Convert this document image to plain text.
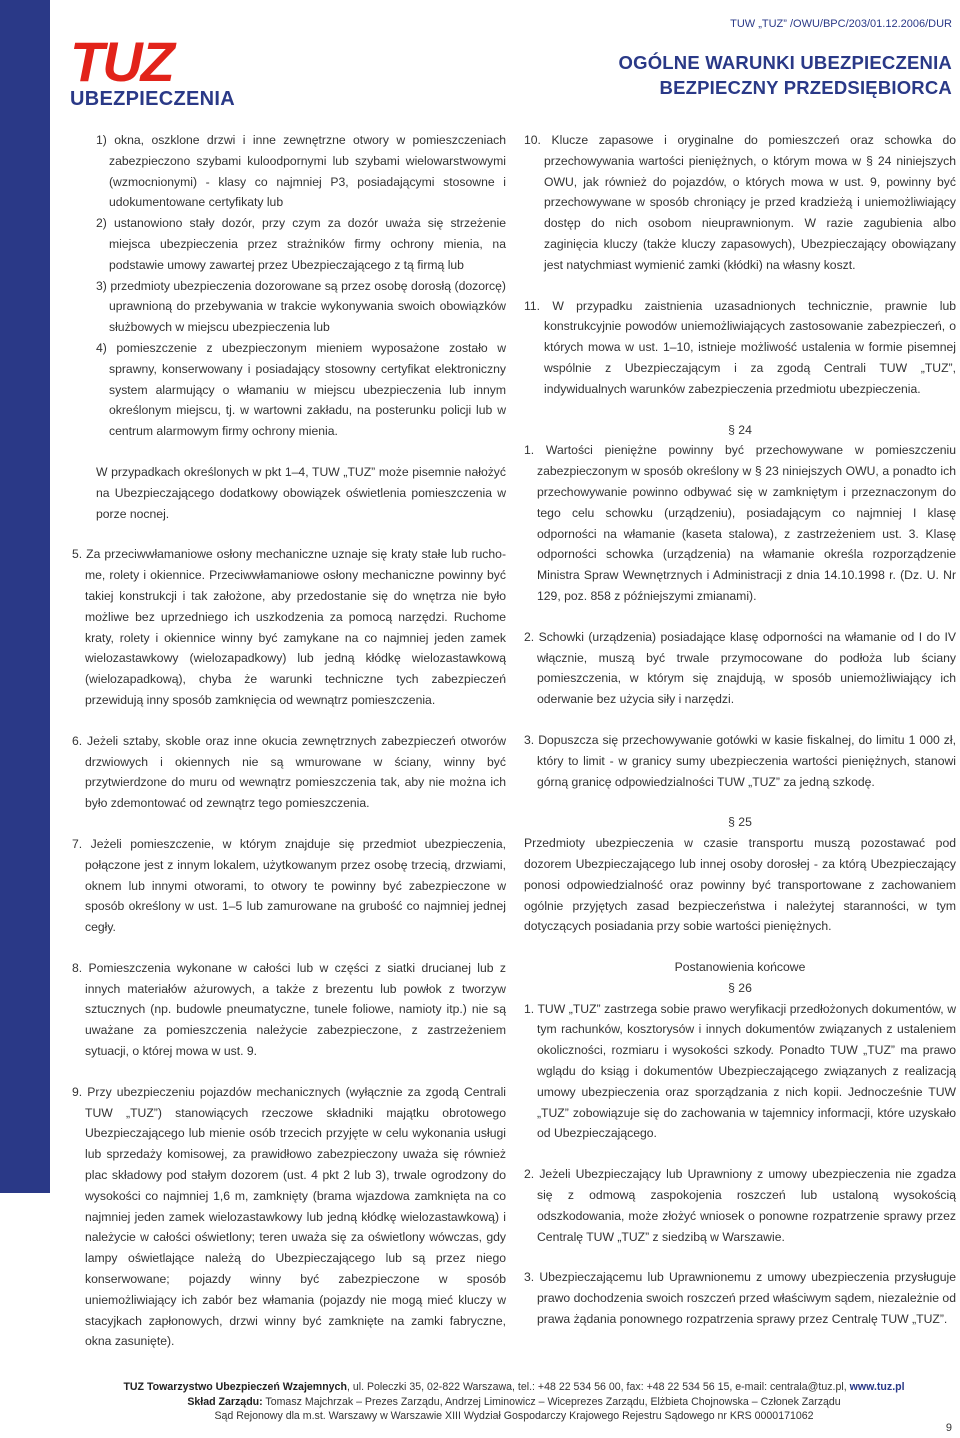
TUZ
UBEZPIECZENIA
TUW „TUZ” /OWU/BPC/203/01.12.2006/DUR
OGÓLNE WARUNKI UBEZPIECZENIA
BEZPIECZNY PRZEDSIĘBIORCA
1) okna, oszklone drzwi i inne zewnętrzne otwory w pomieszczeniach zabezpieczono szybami kuloodpornymi lub szybami wielowarstwowymi (wzmocnionymi) - klasy co najmniej P3, posiadającymi stosowne i udokumentowane certyfikaty lub
2) ustanowiono stały dozór, przy czym za dozór uważa się strzeżenie miejsca ubezpieczenia przez strażników firmy ochrony mienia, na podstawie umowy zawartej przez Ubezpieczającego z tą firmą lub
3) przedmioty ubezpieczenia dozorowane są przez osobę dorosłą (dozorcę) uprawnioną do przebywania w trakcie wykonywania swoich obowiązków służbowych w miejscu ubezpieczenia lub
4) pomieszczenie z ubezpieczonym mieniem wyposażone zostało w sprawny, konserwowany i posiadający stosowny certyfikat elektroniczny system alarmujący o włamaniu w miejscu ubezpieczenia lub innym określonym miejscu, tj. w wartowni zakładu, na posterunku policji lub w centrum alarmowym firmy ochrony mienia.
W przypadkach określonych w pkt 1–4, TUW „TUZ” może pisemnie nałożyć na Ubezpieczającego dodatkowy obowiązek oświetlenia pomieszczenia w porze nocnej.
5. Za przeciwwłamaniowe osłony mechaniczne uznaje się kraty stałe lub ruchome, rolety i okiennice. Przeciwwłamaniowe osłony mechaniczne powinny być takiej konstrukcji i tak założone, aby przedostanie się do wnętrza nie było możliwe bez uprzedniego ich uszkodzenia za pomocą narzędzi. Ruchome kraty, rolety i okiennice winny być zamykane na co najmniej jeden zamek wielozastawkowy (wielozapadkowy) lub jedną kłódkę wielozastawkową (wielozapadkową), chyba że warunki techniczne tych zabezpieczeń przewidują inny sposób zamknięcia od wewnątrz pomieszczenia.
6. Jeżeli sztaby, skoble oraz inne okucia zewnętrznych zabezpieczeń otworów drzwiowych i okiennych nie są wmurowane w ściany, winny być przytwierdzone do muru od wewnątrz pomieszczenia tak, aby nie można ich było zdemontować od zewnątrz tego pomieszczenia.
7. Jeżeli pomieszczenie, w którym znajduje się przedmiot ubezpieczenia, połączone jest z innym lokalem, użytkowanym przez osobę trzecią, drzwiami, oknem lub innymi otworami, to otwory te powinny być zabezpieczone w sposób określony w ust. 1–5 lub zamurowane na grubość co najmniej jednej cegły.
8. Pomieszczenia wykonane w całości lub w części z siatki drucianej lub z innych materiałów ażurowych, a także z brezentu lub powłok z tworzyw sztucznych (np. budowle pneumatyczne, tunele foliowe, namioty itp.) nie są uważane za pomieszczenia należycie zabezpieczone, z zastrzeżeniem sytuacji, o której mowa w ust. 9.
9. Przy ubezpieczeniu pojazdów mechanicznych (wyłącznie za zgodą Centrali TUW „TUZ”) stanowiących rzeczowe składniki majątku obrotowego Ubezpieczającego lub mienie osób trzecich przyjęte w celu wykonania usługi lub sprzedaży komisowej, za prawidłowo zabezpieczony uważa się również plac składowy pod stałym dozorem (ust. 4 pkt 2 lub 3), trwale ogrodzony do wysokości co najmniej 1,6 m, zamknięty (brama wjazdowa zamknięta na co najmniej jeden zamek wielozastawkowy lub jedną kłódkę wielozastawkową) i należycie w całości oświetlony; teren uważa się za oświetlony wówczas, gdy lampy oświetlające należą do Ubezpieczającego lub są przez niego konserwowane; pojazdy winny być zabezpieczone w sposób uniemożliwiający ich zabór bez włamania (pojazdy nie mogą mieć kluczy w stacyjkach zapłonowych, drzwi winny być zamknięte na zamki fabryczne, okna zasunięte).
10. Klucze zapasowe i oryginalne do pomieszczeń oraz schowka do przechowywania wartości pieniężnych, o którym mowa w § 24 niniejszych OWU, jak również do pojazdów, o których mowa w ust. 9, powinny być przechowywane w sposób chroniący je przed kradzieżą i uniemożliwiający dostęp do nich osobom nieuprawnionym. W razie zagubienia albo zaginięcia kluczy (także kluczy zapasowych), Ubezpieczający obowiązany jest natychmiast wymienić zamki (kłódki) na własny koszt.
11. W przypadku zaistnienia uzasadnionych technicznie, prawnie lub konstrukcyjnie powodów uniemożliwiających zastosowanie zabezpieczeń, o których mowa w ust. 1–10, istnieje możliwość ustalenia w formie pisemnej wspólnie z Ubezpieczającym i za zgodą Centrali TUW „TUZ”, indywidualnych warunków zabezpieczenia przedmiotu ubezpieczenia.
§ 24
1. Wartości pieniężne powinny być przechowywane w pomieszczeniu zabezpieczonym w sposób określony w § 23 niniejszych OWU, a ponadto ich przechowywanie powinno odbywać się w zamkniętym i przeznaczonym do tego celu schowku (urządzeniu), posiadającym co najmniej I klasę odporności na włamanie (kaseta stalowa), z zastrzeżeniem ust. 3. Klasę odporności schowka (urządzenia) na włamanie określa rozporządzenie Ministra Spraw Wewnętrznych i Administracji z dnia 14.10.1998 r. (Dz. U. Nr 129, poz. 858 z późniejszymi zmianami).
2. Schowki (urządzenia) posiadające klasę odporności na włamanie od I do IV włącznie, muszą być trwale przymocowane do podłoża lub ściany pomieszczenia, w którym się znajdują, w sposób uniemożliwiający ich oderwanie bez użycia siły i narzędzi.
3. Dopuszcza się przechowywanie gotówki w kasie fiskalnej, do limitu 1 000 zł, który to limit - w granicy sumy ubezpieczenia wartości pieniężnych, stanowi górną granicę odpowiedzialności TUW „TUZ” za jedną szkodę.
§ 25
Przedmioty ubezpieczenia w czasie transportu muszą pozostawać pod dozorem Ubezpieczającego lub innej osoby dorosłej - za którą Ubezpieczający ponosi odpowiedzialność oraz powinny być transportowane z zachowaniem ogólnie przyjętych zasad bezpieczeństwa i należytej staranności, w tym dotyczących posiadania przy sobie wartości pieniężnych.
Postanowienia końcowe
§ 26
1. TUW „TUZ” zastrzega sobie prawo weryfikacji przedłożonych dokumentów, w tym rachunków, kosztorysów i innych dokumentów związanych z ustaleniem okoliczności, rozmiaru i wysokości szkody. Ponadto TUW „TUZ” ma prawo wglądu do ksiąg i dokumentów Ubezpieczającego związanych z realizacją umowy ubezpieczenia oraz sporządzania z nich kopii. Jednocześnie TUW „TUZ” zobowiązuje się do zachowania w tajemnicy informacji, które uzyskało od Ubezpieczającego.
2. Jeżeli Ubezpieczający lub Uprawniony z umowy ubezpieczenia nie zgadza się z odmową zaspokojenia roszczeń lub ustaloną wysokością odszkodowania, może złożyć wniosek o ponowne rozpatrzenie sprawy przez Centralę TUW „TUZ” z siedzibą w Warszawie.
3. Ubezpieczającemu lub Uprawnionemu z umowy ubezpieczenia przysługuje prawo dochodzenia swoich roszczeń przed właściwym sądem, niezależnie od prawa żądania ponownego rozpatrzenia sprawy przez Centralę TUW „TUZ”.
TUZ Towarzystwo Ubezpieczeń Wzajemnych, ul. Poleczki 35, 02-822 Warszawa, tel.: +48 22 534 56 00, fax: +48 22 534 56 15, e-mail: centrala@tuz.pl, www.tuz.pl
Skład Zarządu: Tomasz Majchrzak – Prezes Zarządu, Andrzej Liminowicz – Wiceprezes Zarządu, Elżbieta Chojnowska – Członek Zarządu
Sąd Rejonowy dla m.st. Warszawy w Warszawie XIII Wydział Gospodarczy Krajowego Rejestru Sądowego nr KRS 0000171062
9
